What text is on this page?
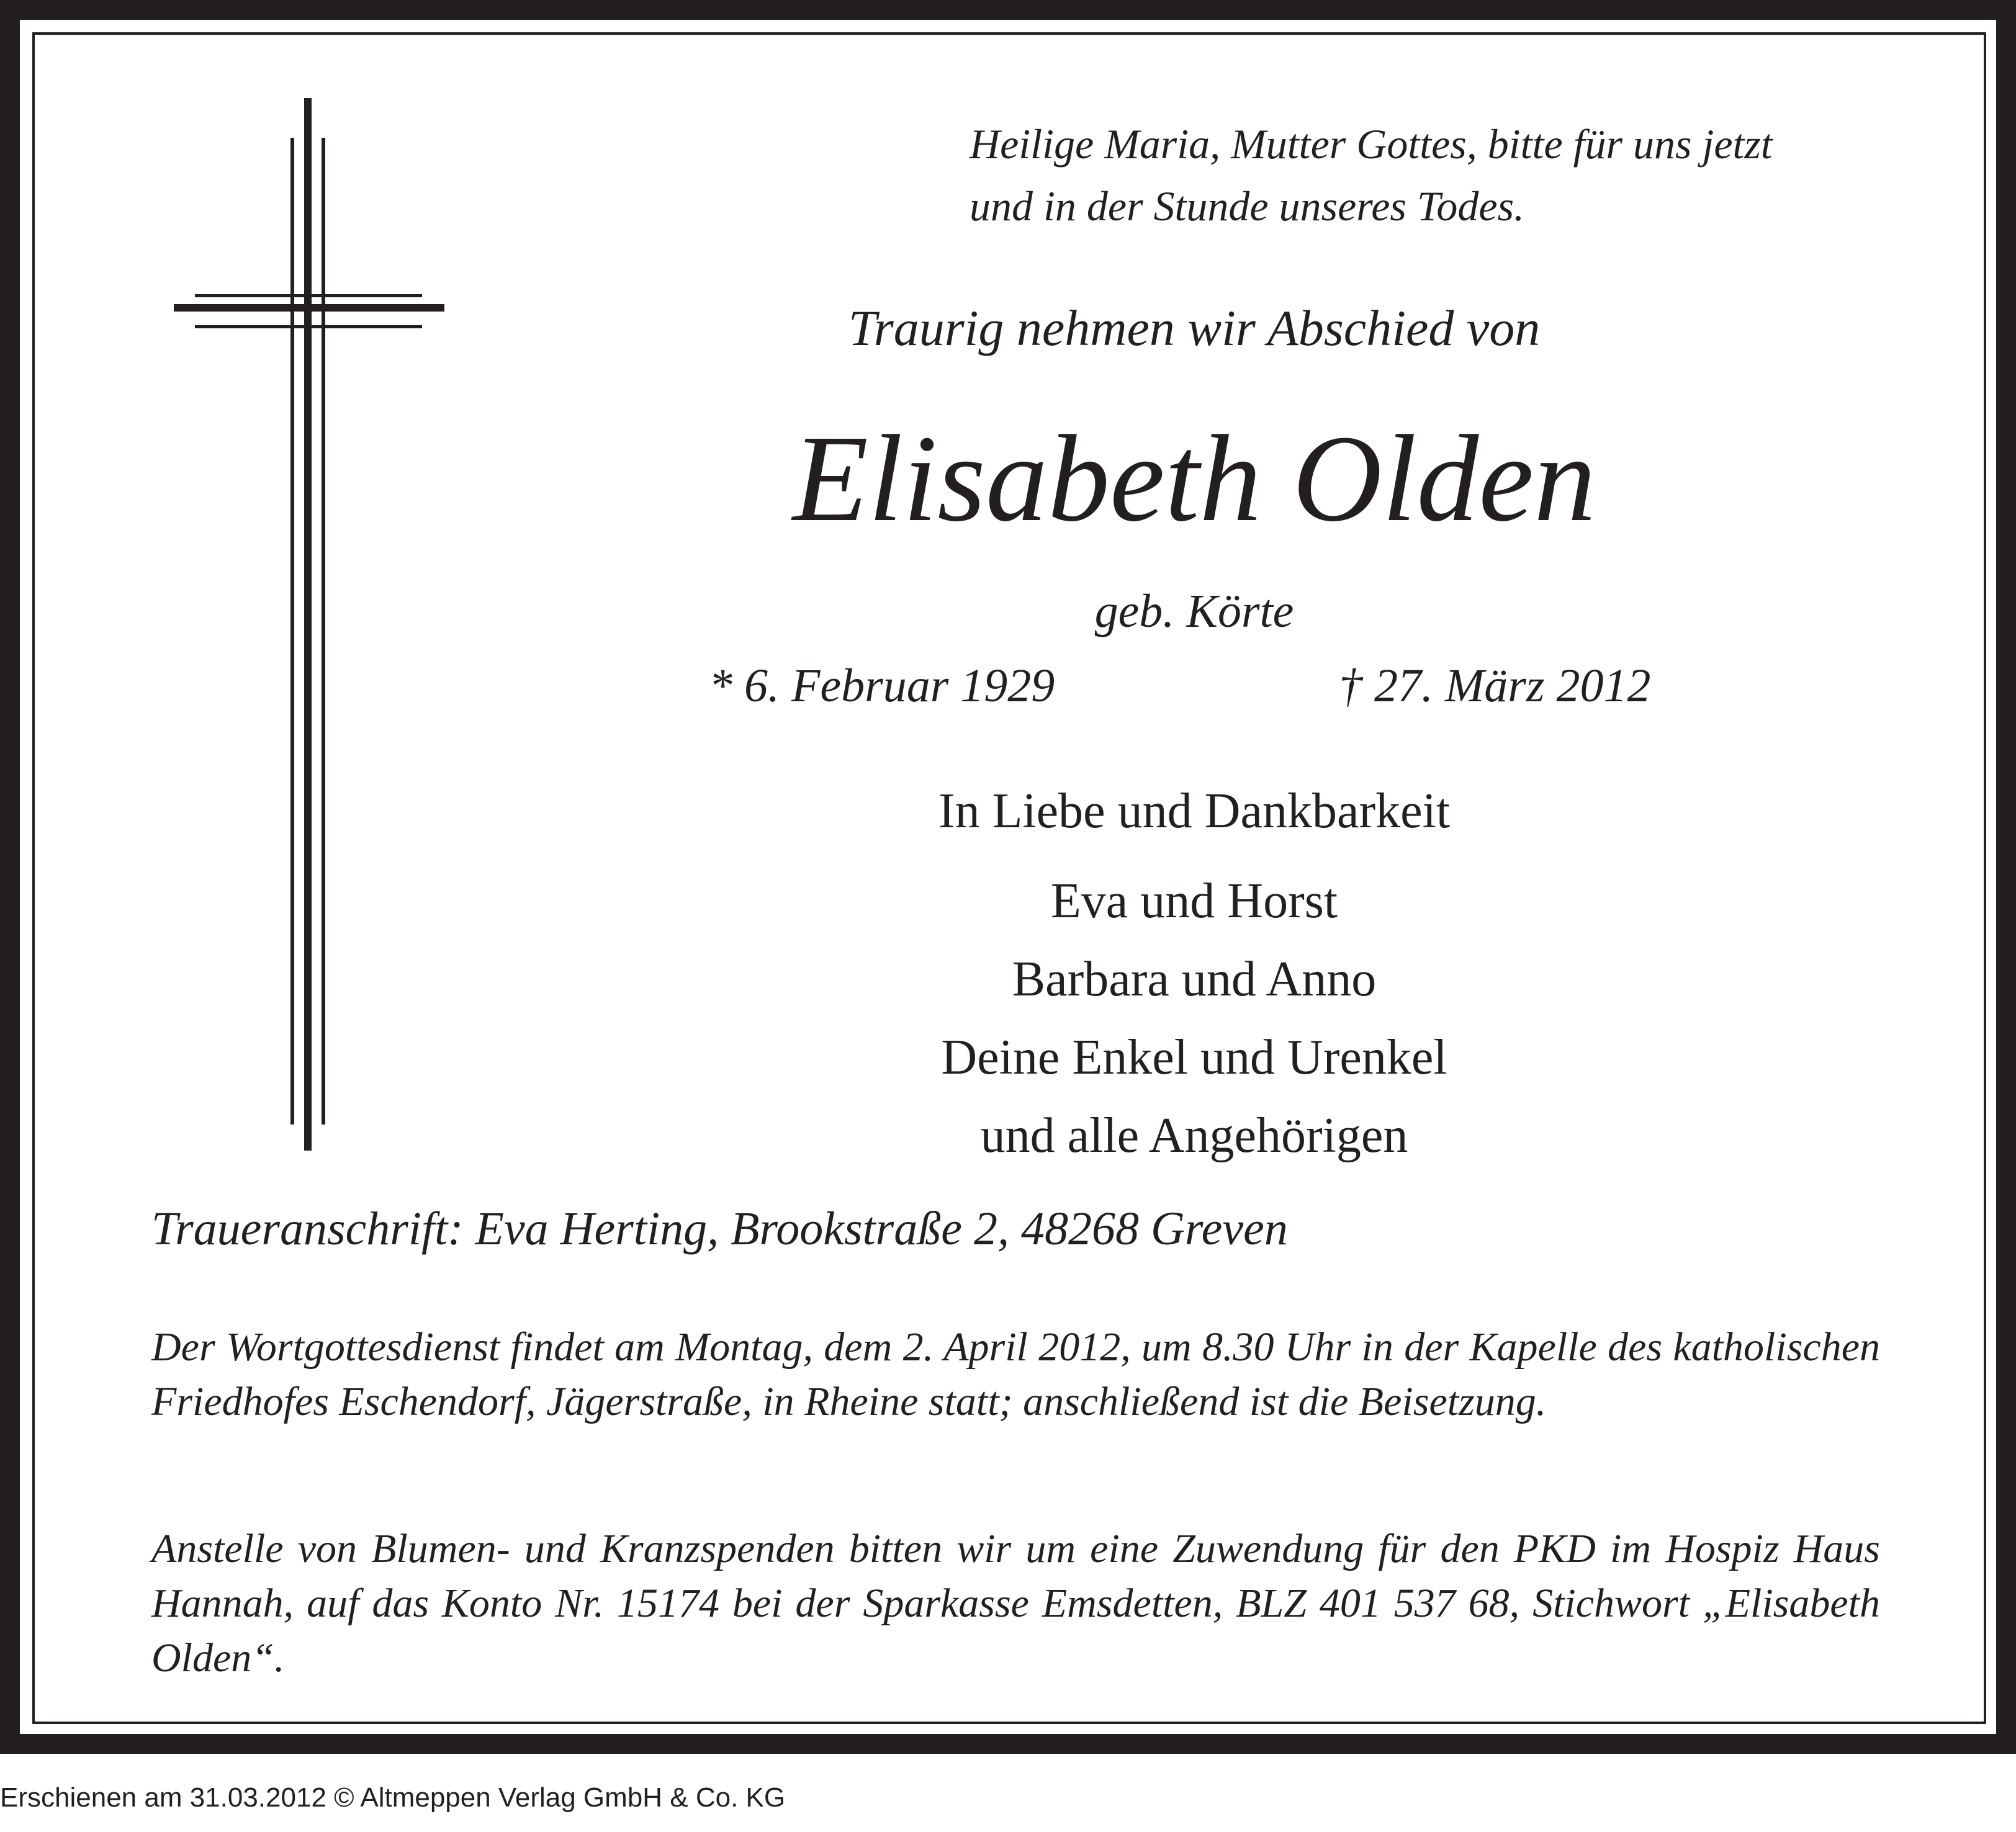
Heilige Maria, Mutter Gottes, bitte für uns jetzt
und in der Stunde unseres Todes.
Traurig nehmen wir Abschied von
Elisabeth Olden
geb. Körte
* 6. Februar 1929	† 27. März 2012
In Liebe und Dankbarkeit
Eva und Horst
Barbara und Anno
Deine Enkel und Urenkel
und alle Angehörigen
Traueranschrift: Eva Herting, Brookstraße 2, 48268 Greven
Der Wortgottesdienst findet am Montag, dem 2. April 2012, um 8.30 Uhr in der Kapelle des katholischen Friedhofes Eschendorf, Jägerstraße, in Rheine statt; anschließend ist die Beisetzung.
Anstelle von Blumen- und Kranzspenden bitten wir um eine Zuwendung für den PKD im Hospiz Haus Hannah, auf das Konto Nr. 15174 bei der Sparkasse Emsdetten, BLZ 401 537 68, Stichwort „Elisabeth Olden“.
Erschienen am 31.03.2012 © Altmeppen Verlag GmbH & Co. KG
